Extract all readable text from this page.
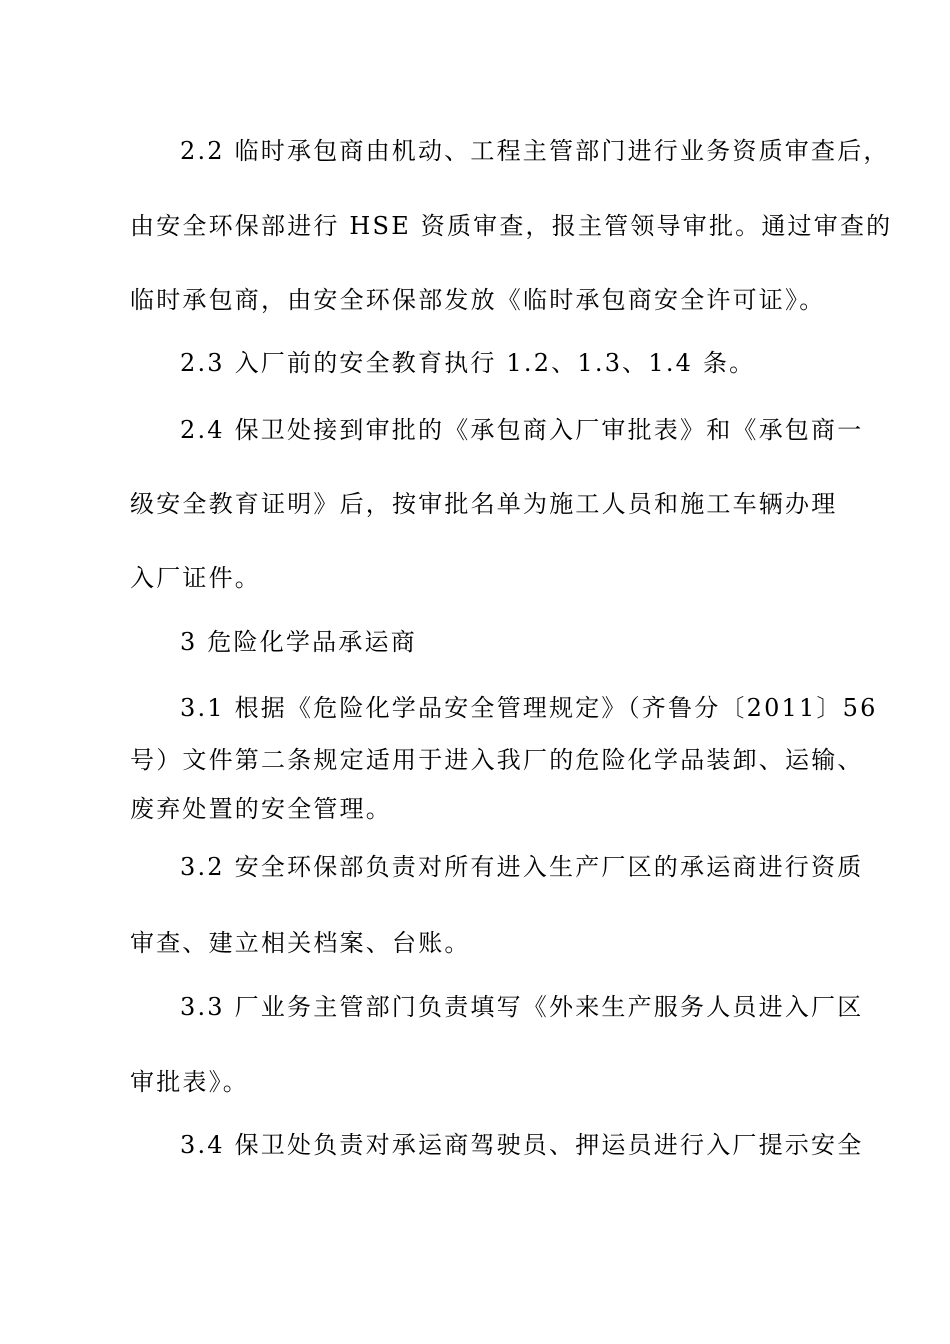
2.2 临时承包商由机动、工程主管部门进行业务资质审查后，
由安全环保部进行 HSE 资质审查，报主管领导审批。通过审查的
临时承包商，由安全环保部发放《临时承包商安全许可证》。
2.3 入厂前的安全教育执行 1.2、1.3、1.4 条。
2.4 保卫处接到审批的《承包商入厂审批表》和《承包商一
级安全教育证明》后，按审批名单为施工人员和施工车辆办理
入厂证件。
3 危险化学品承运商
3.1 根据《危险化学品安全管理规定》（齐鲁分〔2011〕56
号）文件第二条规定适用于进入我厂的危险化学品装卸、运输、
废弃处置的安全管理。
3.2 安全环保部负责对所有进入生产厂区的承运商进行资质
审查、建立相关档案、台账。
3.3 厂业务主管部门负责填写《外来生产服务人员进入厂区
审批表》。
3.4 保卫处负责对承运商驾驶员、押运员进行入厂提示安全
